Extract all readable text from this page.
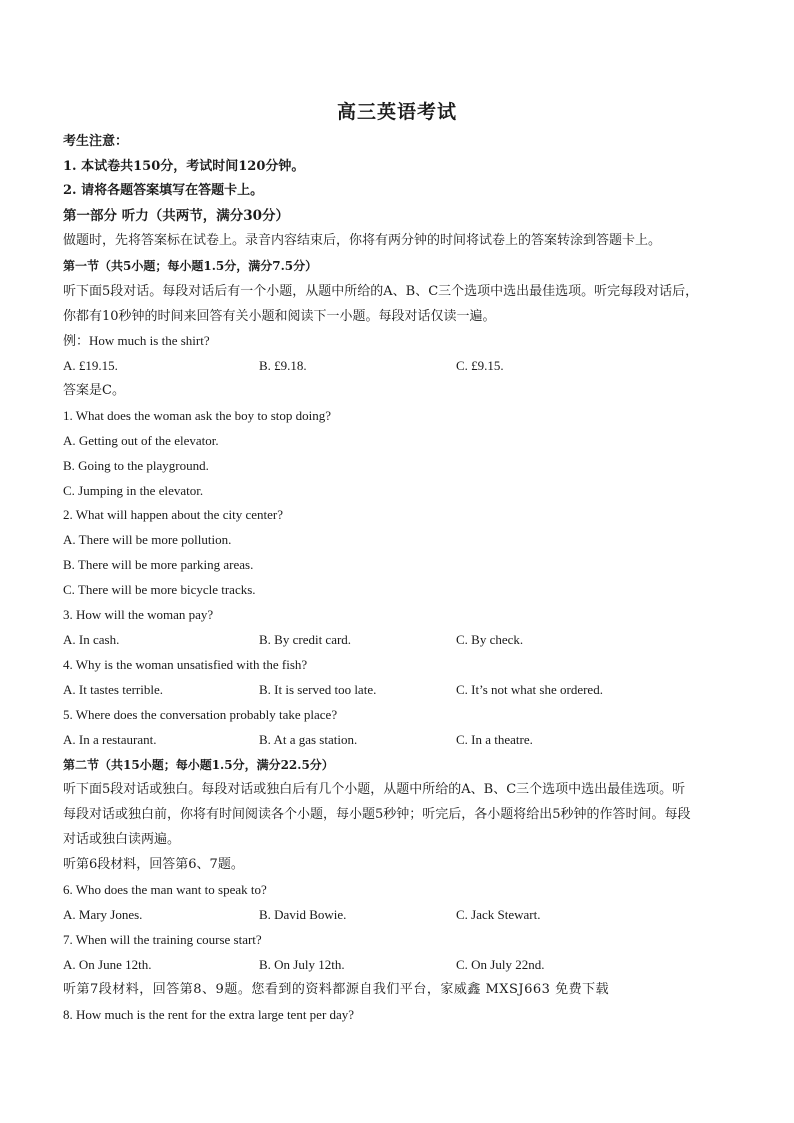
高三英语考试
考生注意：
1. 本试卷共150分，考试时间120分钟。
2. 请将各题答案填写在答题卡上。
第一部分 听力（共两节，满分30分）
做题时，先将答案标在试卷上。录音内容结束后，你将有两分钟的时间将试卷上的答案转涂到答题卡上。
第一节（共5小题；每小题1.5分，满分7.5分）
听下面5段对话。每段对话后有一个小题，从题中所给的A、B、C三个选项中选出最佳选项。听完每段对话后，
你都有10秒钟的时间来回答有关小题和阅读下一小题。每段对话仅读一遍。
例：How much is the shirt?
A. £19.15.	B. £9.18.	C. £9.15.
答案是C。
1. What does the woman ask the boy to stop doing?
A. Getting out of the elevator.
B. Going to the playground.
C. Jumping in the elevator.
2. What will happen about the city center?
A. There will be more pollution.
B. There will be more parking areas.
C. There will be more bicycle tracks.
3. How will the woman pay?
A. In cash.	B. By credit card.	C. By check.
4. Why is the woman unsatisfied with the fish?
A. It tastes terrible.	B. It is served too late.	C. It’s not what she ordered.
5. Where does the conversation probably take place?
A. In a restaurant.	B. At a gas station.	C. In a theatre.
第二节（共15小题；每小题1.5分，满分22.5分）
听下面5段对话或独白。每段对话或独白后有几个小题，从题中所给的A、B、C三个选项中选出最佳选项。听
每段对话或独白前，你将有时间阅读各个小题，每小题5秒钟；听完后，各小题将给出5秒钟的作答时间。每段
对话或独白读两遍。
听第6段材料，回答第6、7题。
6. Who does the man want to speak to?
A. Mary Jones.	B. David Bowie.	C. Jack Stewart.
7. When will the training course start?
A. On June 12th.	B. On July 12th.	C. On July 22nd.
听第7段材料，回答第8、9题。您看到的资料都源自我们平台，家威鑫 MXSJ663 免费下载
8. How much is the rent for the extra large tent per day?
